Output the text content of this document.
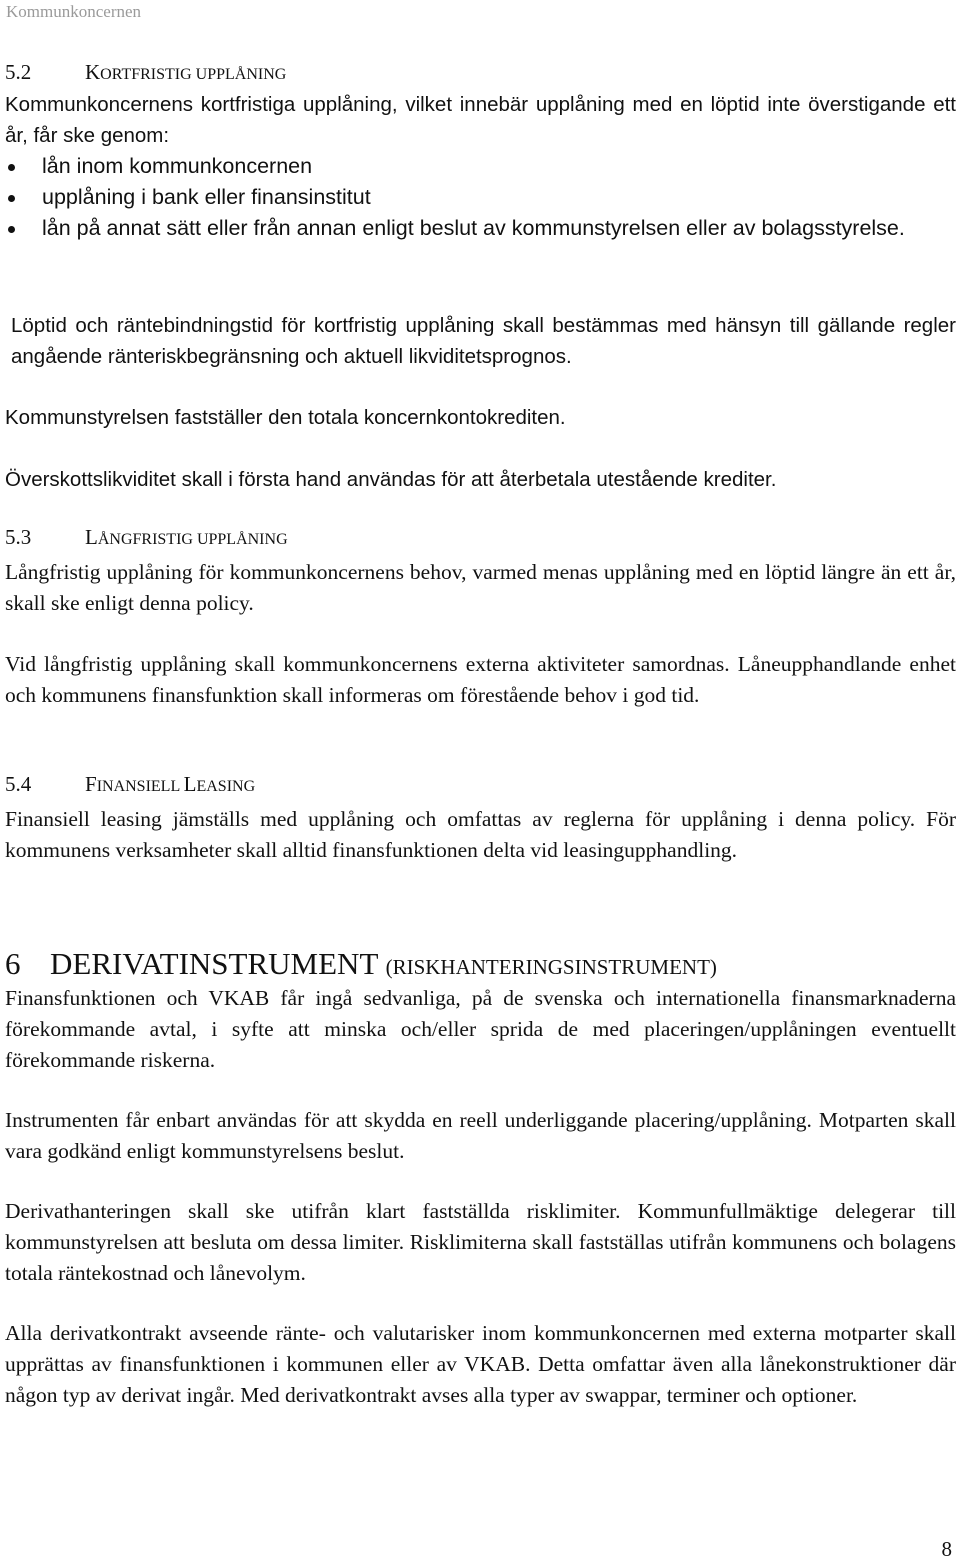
Kommunkoncernen

5.2	KORTFRISTIG UPPLÅNING

Kommunkoncernens kortfristiga upplåning, vilket innebär upplåning med en löptid inte överstigande ett år, får ske genom:

lån inom kommunkoncernen
upplåning i bank eller finansinstitut
lån på annat sätt eller från annan enligt beslut av kommunstyrelsen eller av bolagsstyrelse.

Löptid och räntebindningstid för kortfristig upplåning skall bestämmas med hänsyn till gällande regler angående ränteriskbegränsning och aktuell likviditetsprognos.

Kommunstyrelsen fastställer den totala koncernkontokrediten.

Överskottslikviditet skall i första hand användas för att återbetala utestående krediter.

5.3	LÅNGFRISTIG UPPLÅNING

Långfristig upplåning för kommunkoncernens behov, varmed menas upplåning med en löptid längre än ett år, skall ske enligt denna policy.

Vid långfristig upplåning skall kommunkoncernens externa aktiviteter samordnas. Låneupphandlande enhet och kommunens finansfunktion skall informeras om förestående behov i god tid.

5.4	FINANSIELL LEASING

Finansiell leasing jämställs med upplåning och omfattas av reglerna för upplåning i denna policy. För kommunens verksamheter skall alltid finansfunktionen delta vid leasingupphandling.

6 DERIVATINSTRUMENT (RISKHANTERINGSINSTRUMENT)

Finansfunktionen och VKAB får ingå sedvanliga, på de svenska och internationella finansmarknaderna förekommande avtal, i syfte att minska och/eller sprida de med placeringen/upplåningen eventuellt förekommande riskerna.

Instrumenten får enbart användas för att skydda en reell underliggande placering/upplåning. Motparten skall vara godkänd enligt kommunstyrelsens beslut.

Derivathanteringen skall ske utifrån klart fastställda risklimiter. Kommunfullmäktige delegerar till kommunstyrelsen att besluta om dessa limiter. Risklimiterna skall fastställas utifrån kommunens och bolagens totala räntekostnad och lånevolym.

Alla derivatkontrakt avseende ränte- och valutarisker inom kommunkoncernen med externa motparter skall upprättas av finansfunktionen i kommunen eller av VKAB. Detta omfattar även alla lånekonstruktioner där någon typ av derivat ingår. Med derivatkontrakt avses alla typer av swappar, terminer och optioner.

8
